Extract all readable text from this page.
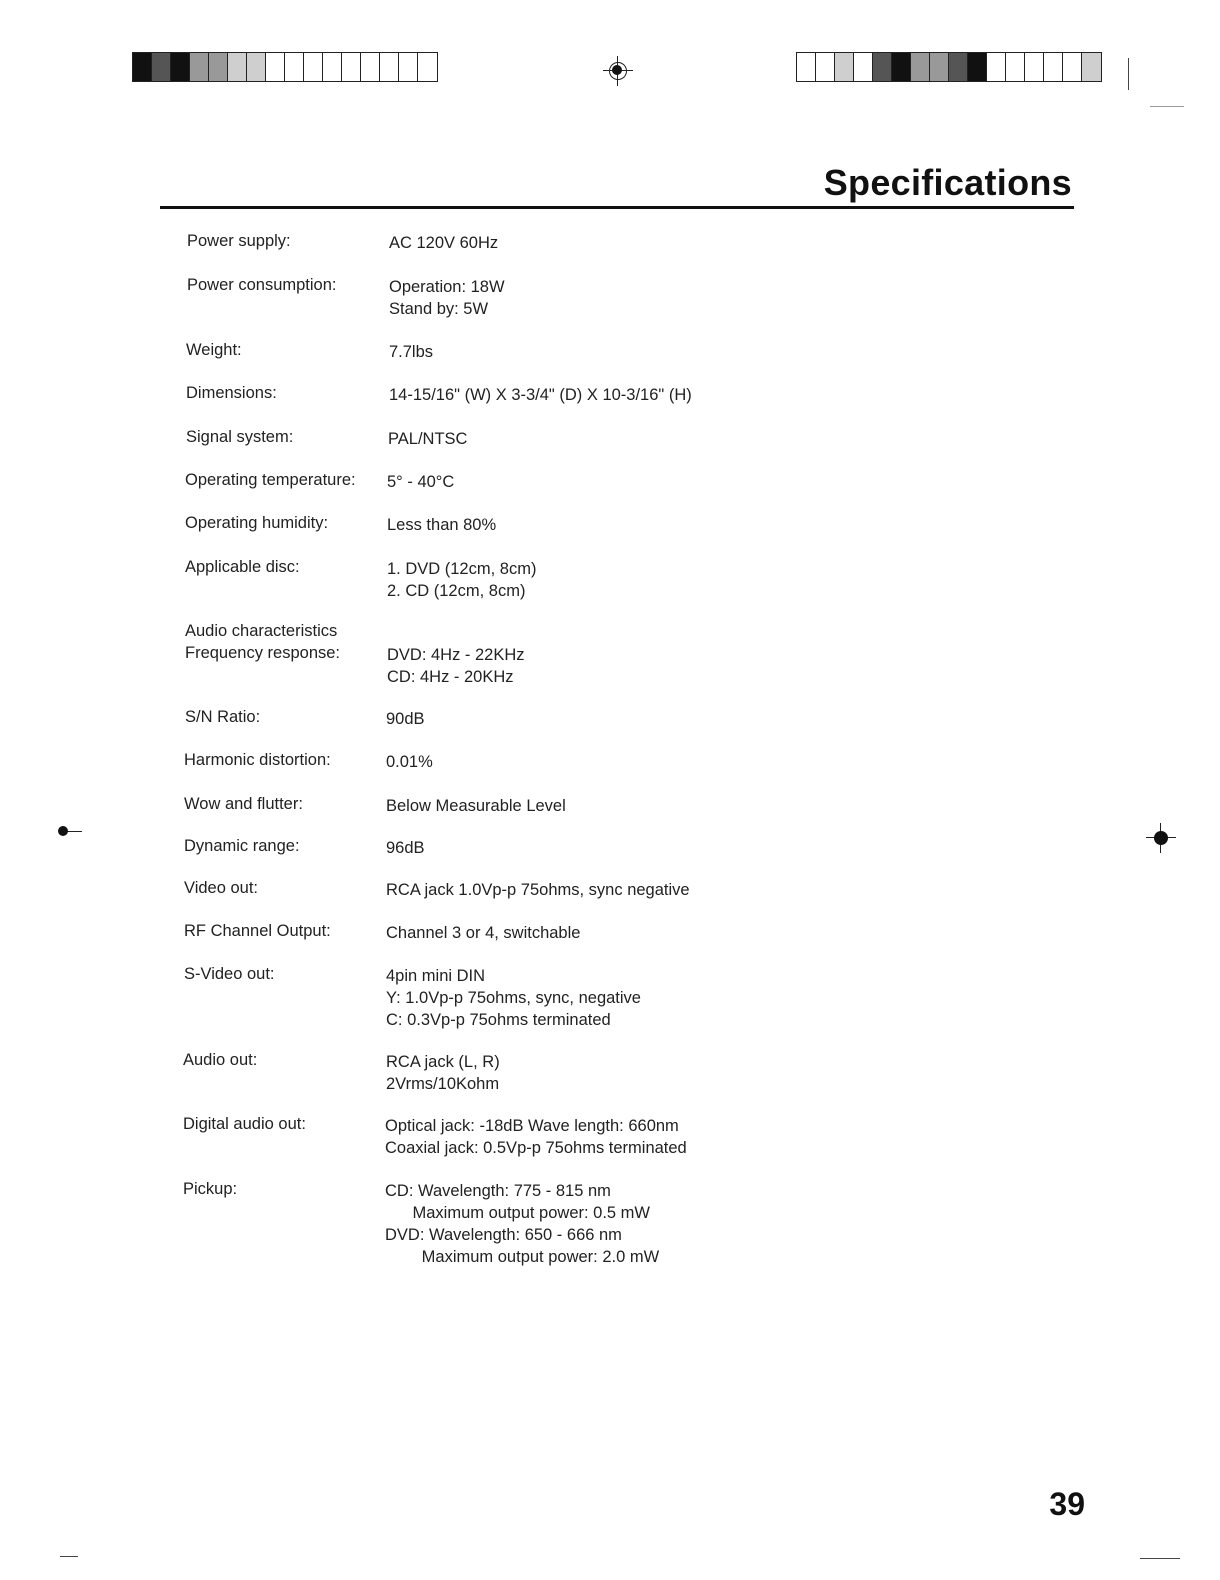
Specifications
Power supply:	AC 120V 60Hz
Power consumption:	Operation: 18W
Stand by: 5W
Weight:	7.7lbs
Dimensions:	14-15/16" (W) X 3-3/4" (D) X 10-3/16" (H)
Signal system:	PAL/NTSC
Operating temperature: 5° - 40°C
Operating humidity:	Less than 80%
Applicable disc:	1. DVD (12cm, 8cm)
2. CD (12cm, 8cm)
Audio characteristics
Frequency response:	DVD: 4Hz - 22KHz
CD: 4Hz - 20KHz
S/N Ratio:	90dB
Harmonic distortion:	0.01%
Wow and flutter:	Below Measurable Level
Dynamic range:	96dB
Video out:	RCA jack 1.0Vp-p 75ohms, sync negative
RF Channel Output:	Channel 3 or 4, switchable
S-Video out:	4pin mini DIN
Y: 1.0Vp-p 75ohms, sync, negative
C: 0.3Vp-p 75ohms terminated
Audio out:	RCA jack (L, R)
2Vrms/10Kohm
Digital audio out:	Optical jack: -18dB Wave length: 660nm
Coaxial jack: 0.5Vp-p 75ohms terminated
Pickup:	CD: Wavelength: 775 - 815 nm
Maximum output power: 0.5 mW
DVD: Wavelength: 650 - 666 nm
Maximum output power: 2.0 mW
39
